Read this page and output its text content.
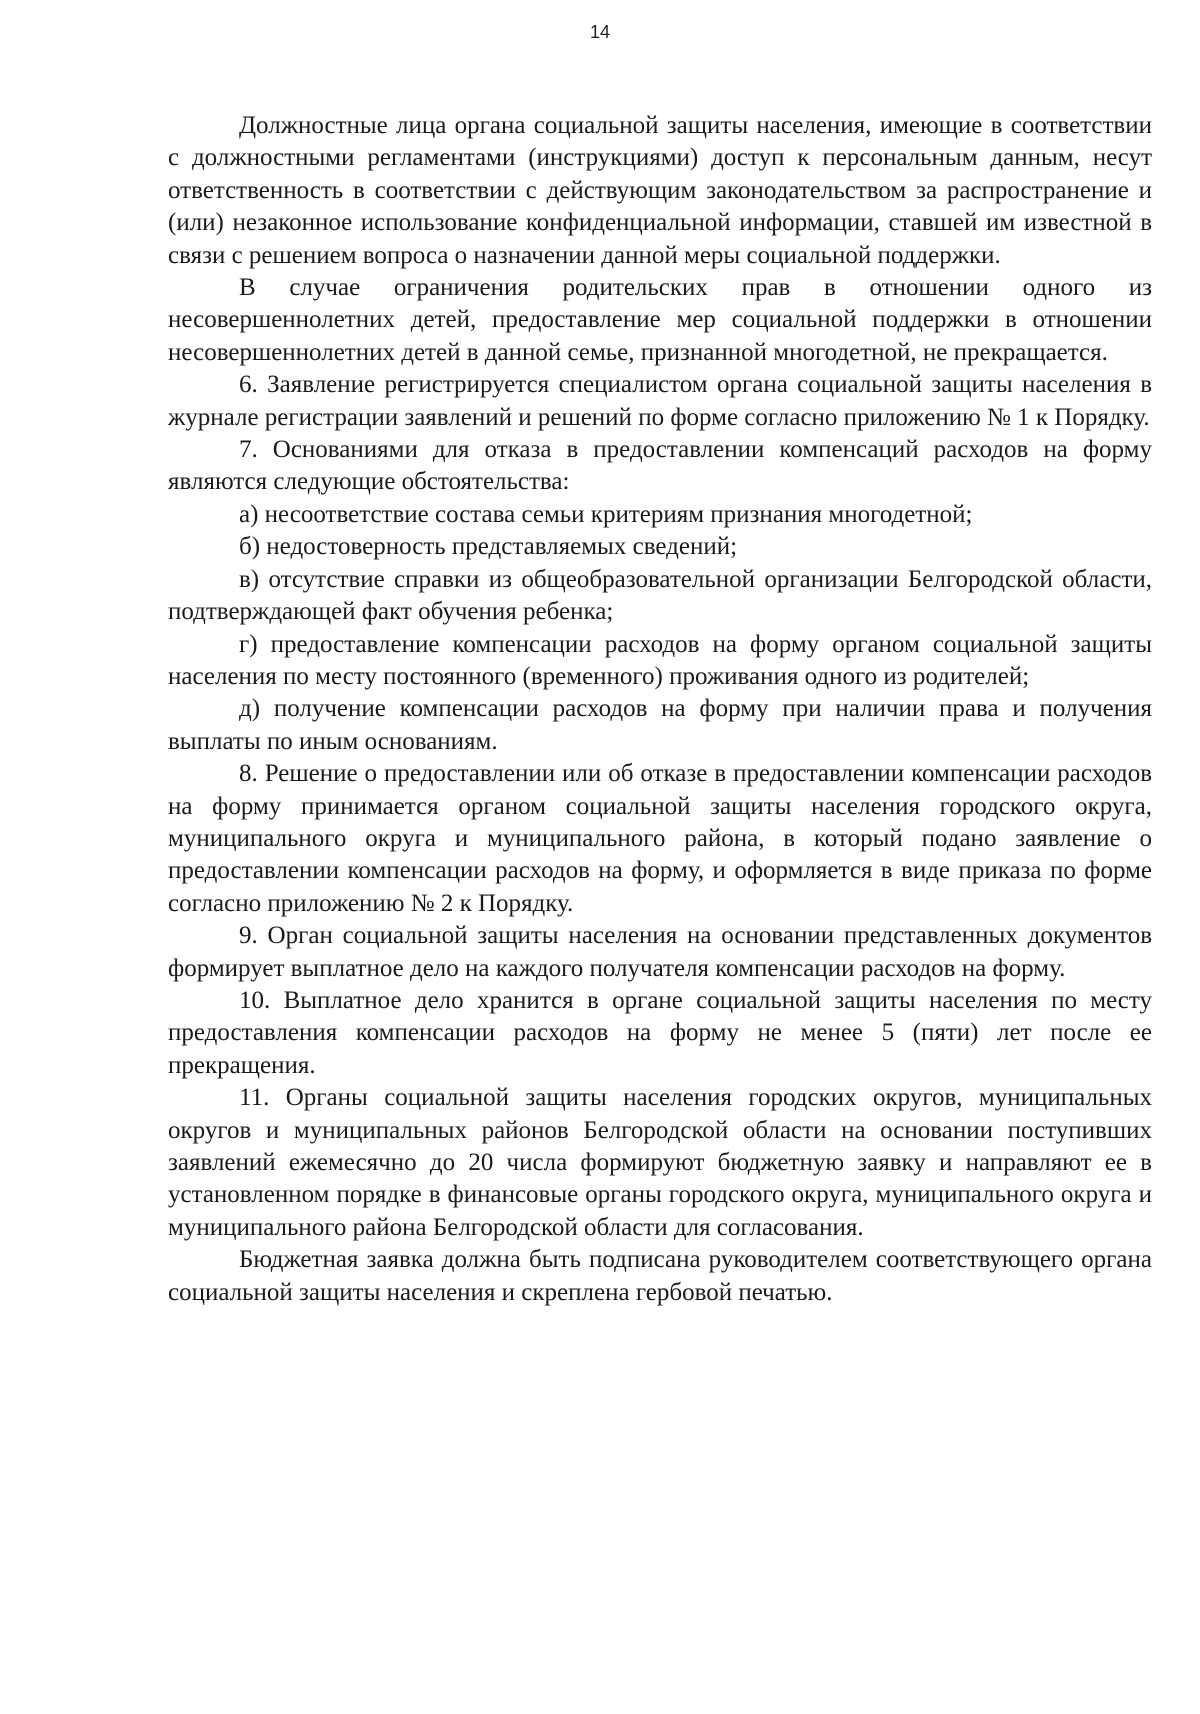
14

Должностные лица органа социальной защиты населения, имеющие в соответствии с должностными регламентами (инструкциями) доступ к персональным данным, несут ответственность в соответствии с действующим законодательством за распространение и (или) незаконное использование конфиденциальной информации, ставшей им известной в связи с решением вопроса о назначении данной меры социальной поддержки.

В случае ограничения родительских прав в отношении одного из несовершеннолетних детей, предоставление мер социальной поддержки в отношении несовершеннолетних детей в данной семье, признанной многодетной, не прекращается.

6. Заявление регистрируется специалистом органа социальной защиты населения в журнале регистрации заявлений и решений по форме согласно приложению № 1 к Порядку.

7. Основаниями для отказа в предоставлении компенсаций расходов на форму являются следующие обстоятельства:

а) несоответствие состава семьи критериям признания многодетной;

б) недостоверность представляемых сведений;

в) отсутствие справки из общеобразовательной организации Белгородской области, подтверждающей факт обучения ребенка;

г) предоставление компенсации расходов на форму органом социальной защиты населения по месту постоянного (временного) проживания одного из родителей;

д) получение компенсации расходов на форму при наличии права и получения выплаты по иным основаниям.

8. Решение о предоставлении или об отказе в предоставлении компенсации расходов на форму принимается органом социальной защиты населения городского округа, муниципального округа и муниципального района, в который подано заявление о предоставлении компенсации расходов на форму, и оформляется в виде приказа по форме согласно приложению № 2 к Порядку.

9. Орган социальной защиты населения на основании представленных документов формирует выплатное дело на каждого получателя компенсации расходов на форму.

10. Выплатное дело хранится в органе социальной защиты населения по месту предоставления компенсации расходов на форму не менее 5 (пяти) лет после ее прекращения.

11. Органы социальной защиты населения городских округов, муниципальных округов и муниципальных районов Белгородской области на основании поступивших заявлений ежемесячно до 20 числа формируют бюджетную заявку и направляют ее в установленном порядке в финансовые органы городского округа, муниципального округа и муниципального района Белгородской области для согласования.

Бюджетная заявка должна быть подписана руководителем соответствующего органа социальной защиты населения и скреплена гербовой печатью.
